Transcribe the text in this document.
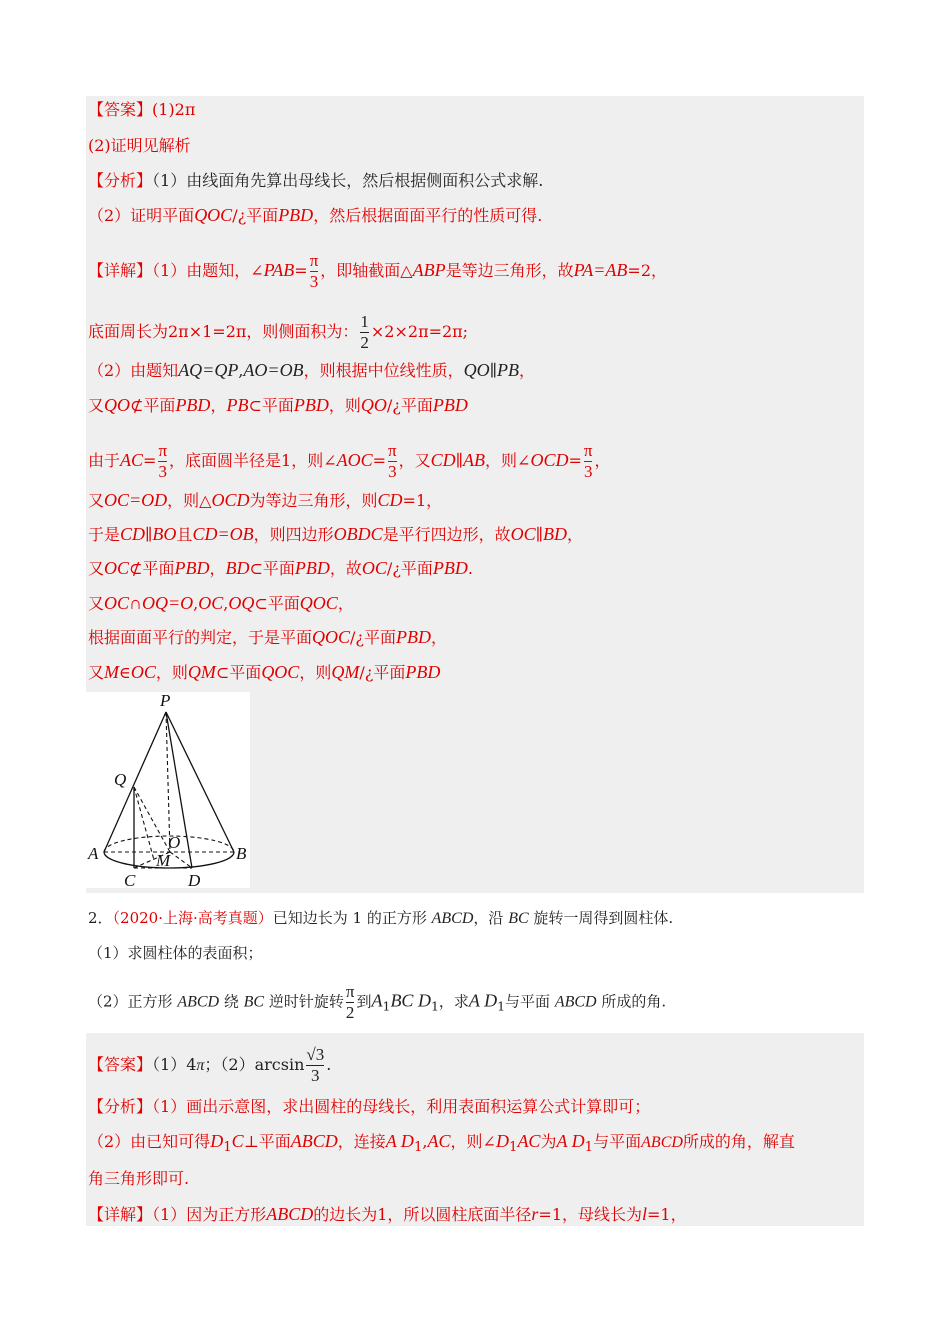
【答案】(1)2π
(2)证明见解析
【分析】（1）由线面角先算出母线长，然后根据侧面积公式求解.
（2）证明平面QOC/¿平面PBD，然后根据面面平行的性质可得.
【详解】（1）由题知，∠PAB= $\frac{\pi}{3}$ ，即轴截面△ABP是等边三角形，故PA=AB=2，
底面周长为2π×1=2π，则侧面积为： $\frac{1}{2} \times 2\times 2\pi=2\pi$;
（2）由题知AQ=QP,AO=OB，则根据中位线性质，QO∥PB，
又QO⊄平面PBD，PB⊂平面PBD，则QO/¿平面PBD
由于$AC= \frac{\pi}{3}$ ，底面圆半径是1，则∠AOC= $\frac{\pi}{3}$ ，又CD∥AB，则∠OCD= $\frac{\pi}{3}$ ，
又OC=OD，则△OCD为等边三角形，则CD=1，
于是CD∥BO且CD=OB，则四边形OBDC是平行四边形，故OC∥BD，
又OC⊄平面PBD，BD⊂平面PBD，故OC/¿平面PBD.
又OC∩OQ=O,OC,OQ⊂平面QOC，
根据面面平行的判定，于是平面QOC/¿平面PBD，
又M∈OC，则QM⊂平面QOC，则QM/¿平面PBD
P
Q
O
A	B
M
C	D
2．（2020·上海·高考真题）已知边长为 1 的正方形 ABCD，沿 BC 旋转一周得到圆柱体.
（1）求圆柱体的表面积；
（2）正方形 ABCD 绕 BC 逆时针旋转 $\frac{\pi}{2}$ 到$A_1BC$ $D_1$，求A $D_1$与平面 ABCD 所成的角.
【答案】（1）4π；$(2)\arcsin \frac{√3}{3}$ .
【分析】（1）画出示意图，求出圆柱的母线长，利用表面积运算公式计算即可；
（2）由已知可得$D_1C\perp$平面ABCD，连接A $D_1,AC$，则$\angle D_1AC$为A $D_1$与平面ABCD所成的角，解直
角三角形即可.
【详解】（1）因为正方形ABCD的边长为1，所以圆柱底面半径r=1，母线长为l=1，
